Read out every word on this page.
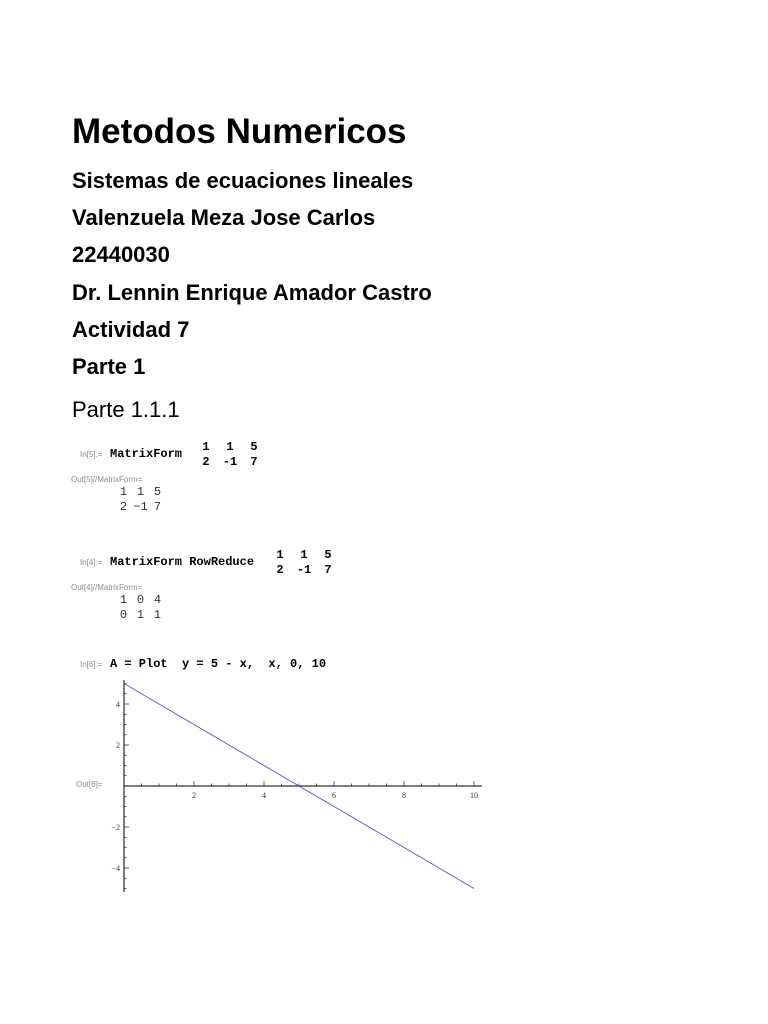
Metodos Numericos
Sistemas de ecuaciones lineales
Valenzuela Meza Jose Carlos
22440030
Dr. Lennin Enrique Amador Castro
Actividad 7
Parte 1
Parte 1.1.1
In[5]:= MatrixForm	1	1	5
2	-1	7
Out[5]//MatrixForm=
1 1 5
2 −1 7
In[4]:= MatrixForm RowReduce	1	1	5
2	-1	7
Out[4]//MatrixForm=
1 0 4
0 1 1
In[6]:= A = Plot  y = 5 - x,  x, 0, 10
Out[6]=
2	4	6	8	10
4
2
−2
−4
